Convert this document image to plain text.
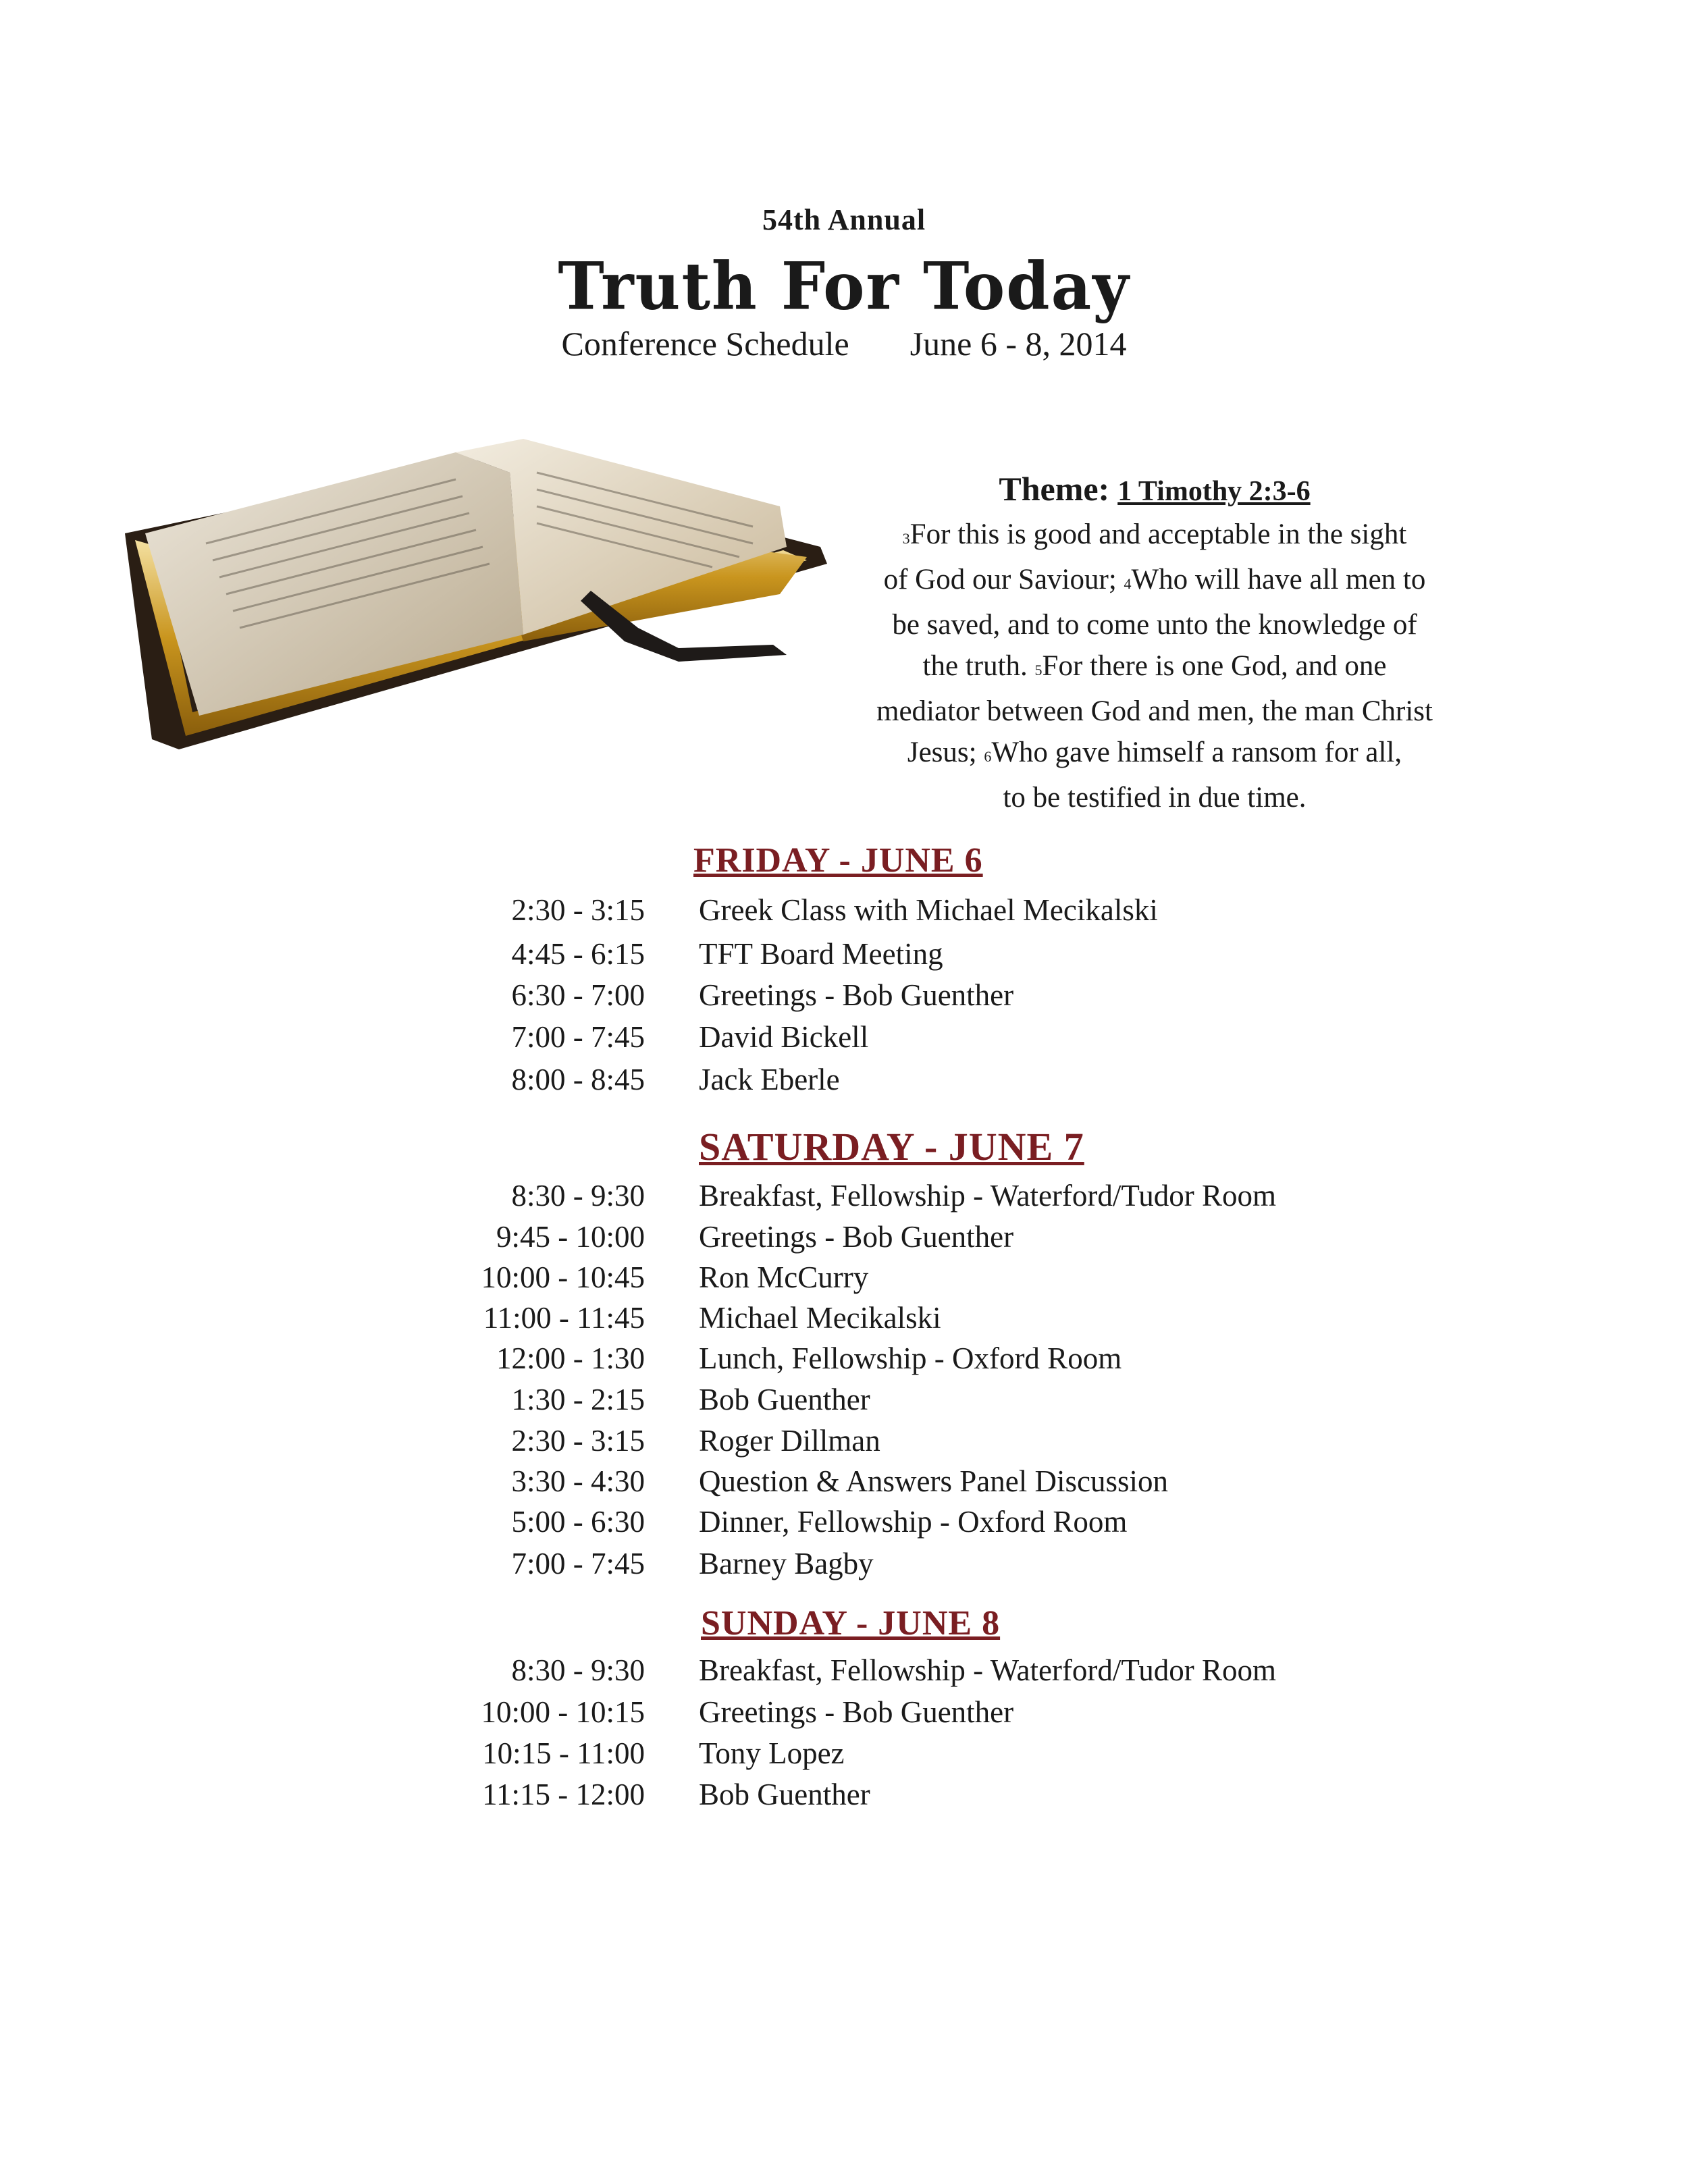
54th Annual
Truth For Today
Conference Schedule June 6 - 8, 2014
Theme: 1 Timothy 2:3-6
3For this is good and acceptable in the sight
of God our Saviour; 4Who will have all men to
be saved, and to come unto the knowledge of
the truth. 5For there is one God, and one
mediator between God and men, the man Christ
Jesus; 6Who gave himself a ransom for all,
to be testified in due time.
FRIDAY - JUNE 6
2:30 - 3:15 Greek Class with Michael Mecikalski
4:45 - 6:15 TFT Board Meeting
6:30 - 7:00 Greetings - Bob Guenther
7:00 - 7:45 David Bickell
8:00 - 8:45 Jack Eberle
SATURDAY - JUNE 7
8:30 - 9:30 Breakfast, Fellowship - Waterford/Tudor Room
9:45 - 10:00 Greetings - Bob Guenther
10:00 - 10:45 Ron McCurry
11:00 - 11:45 Michael Mecikalski
12:00 - 1:30 Lunch, Fellowship - Oxford Room
1:30 - 2:15 Bob Guenther
2:30 - 3:15 Roger Dillman
3:30 - 4:30 Question & Answers Panel Discussion
5:00 - 6:30 Dinner, Fellowship - Oxford Room
7:00 - 7:45 Barney Bagby
SUNDAY - JUNE 8
8:30 - 9:30 Breakfast, Fellowship - Waterford/Tudor Room
10:00 - 10:15 Greetings - Bob Guenther
10:15 - 11:00 Tony Lopez
11:15 - 12:00 Bob Guenther
